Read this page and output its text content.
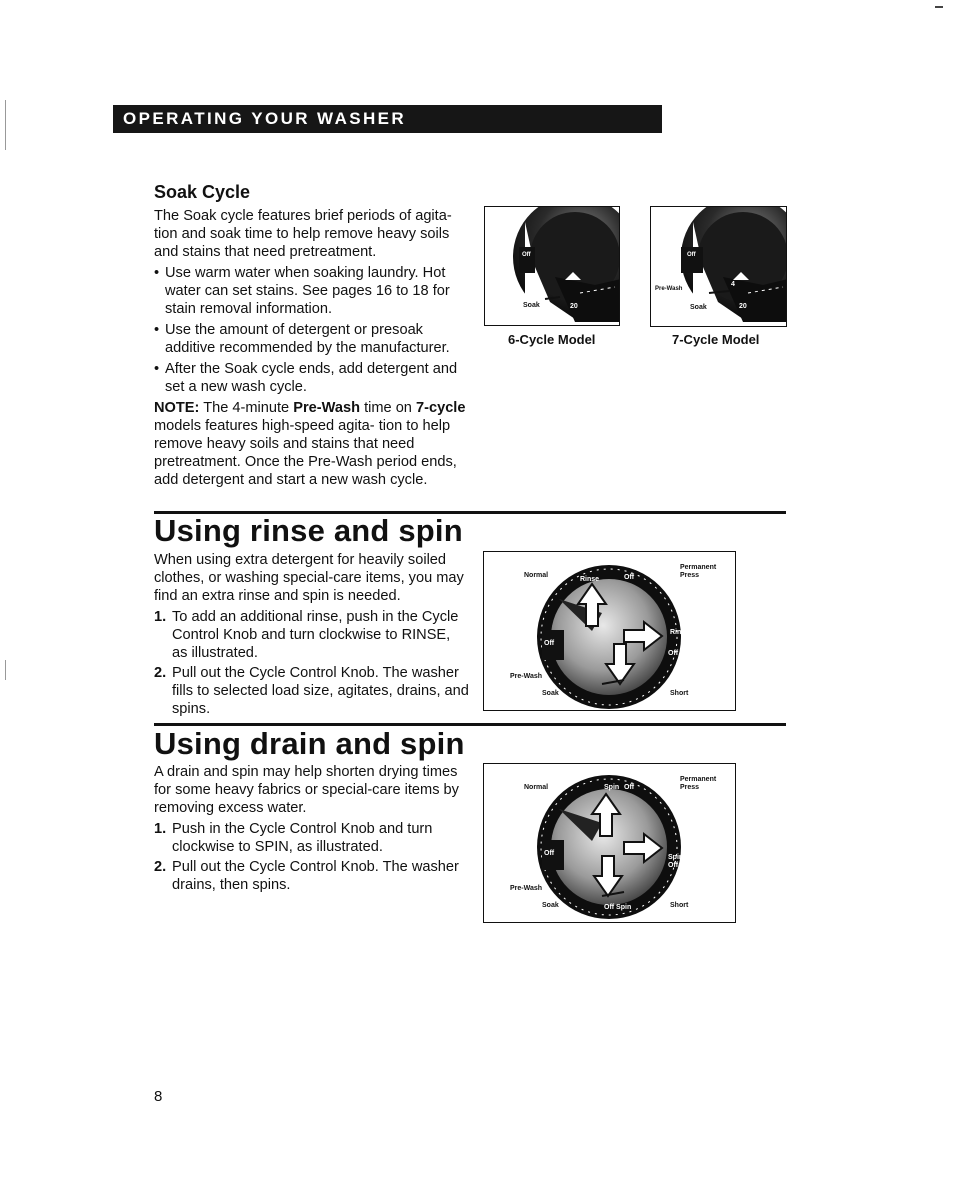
OPERATING YOUR WASHER
Soak Cycle

The Soak cycle features brief periods of agita- tion and soak time to help remove heavy soils and stains that need pretreatment.

• Use warm water when soaking laundry. Hot water can set stains. See pages 16 to 18 for stain removal information.
• Use the amount of detergent or presoak additive recommended by the manufacturer.
• After the Soak cycle ends, add detergent and set a new wash cycle.

NOTE: The 4-minute Pre-Wash time on 7-cycle models features high-speed agita- tion to help remove heavy soils and stains that need pretreatment. Once the Pre-Wash period ends, add detergent and start a new wash cycle.

Off
Soak	20
6-Cycle Model
Off
Pre-Wash
Soak	20
4
7-Cycle Model
Using rinse and spin

When using extra detergent for heavily soiled clothes, or washing special-care items, you may find an extra rinse and spin is needed.

1. To add an additional rinse, push in the Cycle Control Knob and turn clockwise to RINSE, as illustrated.
2. Pull out the Cycle Control Knob. The washer fills to selected load size, agitates, drains, and spins.
Normal
Permanent
Press
Pre-Wash
Soak	Short
Off
Rinse
Off
Off
Rinse
Using drain and spin

A drain and spin may help shorten drying times for some heavy fabrics or special-care items by removing excess water.

1. Push in the Cycle Control Knob and turn clockwise to SPIN, as illustrated.
2. Pull out the Cycle Control Knob. The washer drains, then spins.
Normal
Permanent
Press
Pre-Wash
Soak	Short
Off
Spin
Off
Off Spin
Spin
Off
8
